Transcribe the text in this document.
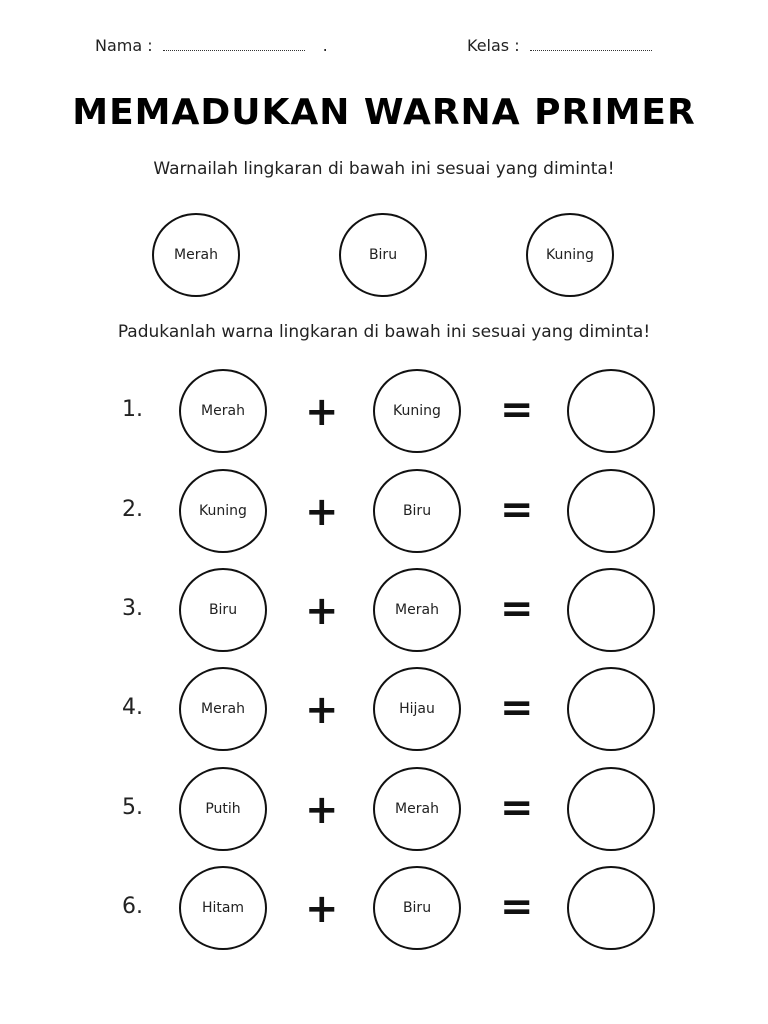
Nama :	.	Kelas :
MEMADUKAN WARNA PRIMER
Warnailah lingkaran di bawah ini sesuai yang diminta!
Merah	Biru	Kuning
Padukanlah warna lingkaran di bawah ini sesuai yang diminta!
1.	Merah +	Kuning =
2.	Kuning +	Biru =
3.	Biru +	Merah =
4.	Merah +	Hijau =
5.	Putih +	Merah =
6.	Hitam +	Biru =
